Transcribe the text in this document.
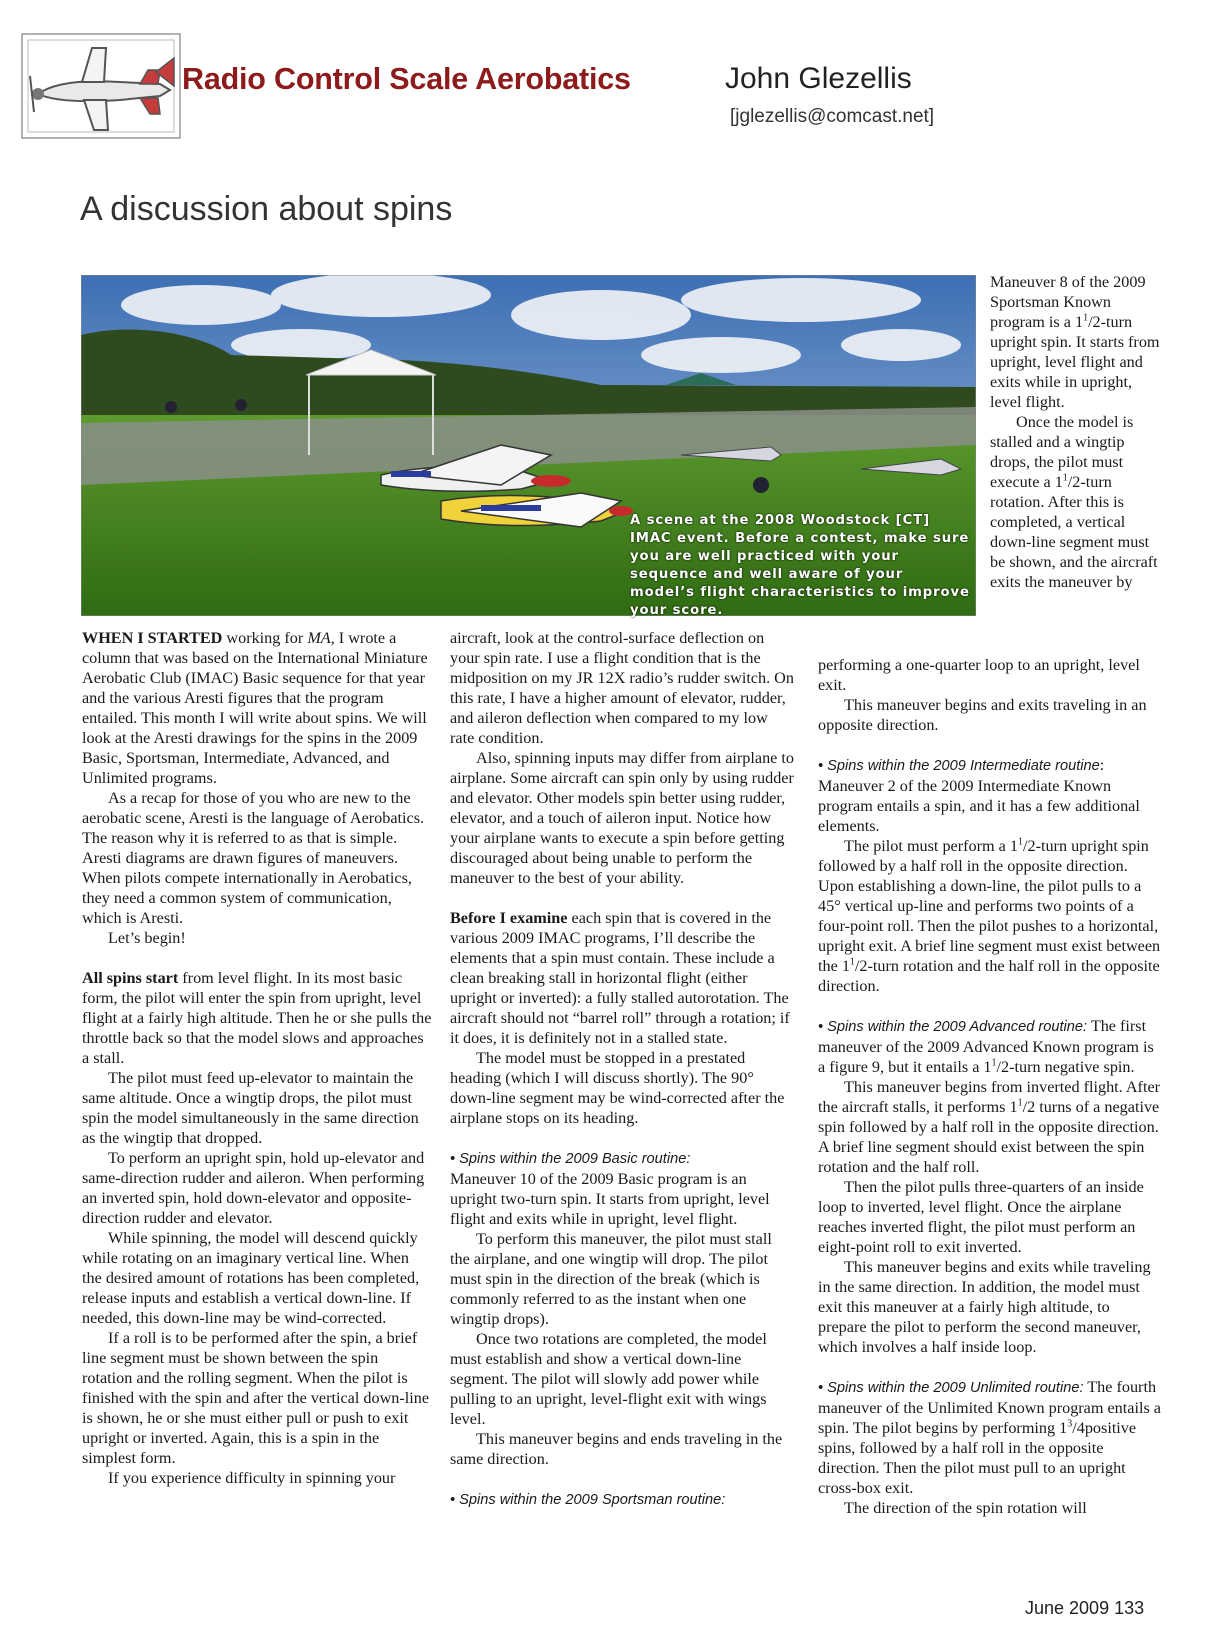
Radio Control Scale Aerobatics	John Glezellis
[jglezellis@comcast.net]
A discussion about spins
A scene at the 2008 Woodstock [CT] IMAC event. Before a contest, make sure you are well practiced with your sequence and well aware of your model’s flight characteristics to improve your score.

Maneuver 8 of the 2009 Sportsman Known program is a $1^1/2$-turn upright spin. It starts from upright, level flight and exits while in upright, level flight.

Once the model is stalled and a wingtip drops, the pilot must execute a $1^1/2$-turn rotation. After this is completed, a vertical down-line segment must be shown, and the aircraft exits the maneuver by

WHEN I STARTED working for MA, I wrote a column that was based on the International Miniature Aerobatic Club (IMAC) Basic sequence for that year and the various Aresti figures that the program entailed. This month I will write about spins. We will look at the Aresti drawings for the spins in the 2009 Basic, Sportsman, Intermediate, Advanced, and Unlimited programs.

As a recap for those of you who are new to the aerobatic scene, Aresti is the language of Aerobatics. The reason why it is referred to as that is simple. Aresti diagrams are drawn figures of maneuvers. When pilots compete internationally in Aerobatics, they need a common system of communication, which is Aresti.

Let’s begin!

All spins start from level flight. In its most basic form, the pilot will enter the spin from upright, level flight at a fairly high altitude. Then he or she pulls the throttle back so that the model slows and approaches a stall.

The pilot must feed up-elevator to maintain the same altitude. Once a wingtip drops, the pilot must spin the model simultaneously in the same direction as the wingtip that dropped.

To perform an upright spin, hold up-elevator and same-direction rudder and aileron. When performing an inverted spin, hold down-elevator and opposite-direction rudder and elevator.

While spinning, the model will descend quickly while rotating on an imaginary vertical line. When the desired amount of rotations has been completed, release inputs and establish a vertical down-line. If needed, this down-line may be wind-corrected.

If a roll is to be performed after the spin, a brief line segment must be shown between the spin rotation and the rolling segment. When the pilot is finished with the spin and after the vertical down-line is shown, he or she must either pull or push to exit upright or inverted. Again, this is a spin in the simplest form.

If you experience difficulty in spinning your

aircraft, look at the control-surface deflection on your spin rate. I use a flight condition that is the midposition on my JR 12X radio’s rudder switch. On this rate, I have a higher amount of elevator, rudder, and aileron deflection when compared to my low rate condition.

Also, spinning inputs may differ from airplane to airplane. Some aircraft can spin only by using rudder and elevator. Other models spin better using rudder, elevator, and a touch of aileron input. Notice how your airplane wants to execute a spin before getting discouraged about being unable to perform the maneuver to the best of your ability.

Before I examine each spin that is covered in the various 2009 IMAC programs, I’ll describe the elements that a spin must contain. These include a clean breaking stall in horizontal flight (either upright or inverted): a fully stalled autorotation. The aircraft should not “barrel roll” through a rotation; if it does, it is definitely not in a stalled state.

The model must be stopped in a prestated heading (which I will discuss shortly). The 90° down-line segment may be wind-corrected after the airplane stops on its heading.

• Spins within the 2009 Basic routine:
Maneuver 10 of the 2009 Basic program is an upright two-turn spin. It starts from upright, level flight and exits while in upright, level flight.

To perform this maneuver, the pilot must stall the airplane, and one wingtip will drop. The pilot must spin in the direction of the break (which is commonly referred to as the instant when one wingtip drops).

Once two rotations are completed, the model must establish and show a vertical down-line segment. The pilot will slowly add power while pulling to an upright, level-flight exit with wings level.

This maneuver begins and ends traveling in the same direction.

• Spins within the 2009 Sportsman routine:

performing a one-quarter loop to an upright, level exit.

This maneuver begins and exits traveling in an opposite direction.

• Spins within the 2009 Intermediate routine: Maneuver 2 of the 2009 Intermediate Known program entails a spin, and it has a few additional elements.

The pilot must perform a $1^1/2$-turn upright spin followed by a half roll in the opposite direction. Upon establishing a down-line, the pilot pulls to a 45° vertical up-line and performs two points of a four-point roll. Then the pilot pushes to a horizontal, upright exit. A brief line segment must exist between the $1^1/2$-turn rotation and the half roll in the opposite direction.

• Spins within the 2009 Advanced routine: The first maneuver of the 2009 Advanced Known program is a figure 9, but it entails a $1^1/2$-turn negative spin.

This maneuver begins from inverted flight. After the aircraft stalls, it performs $1^1/2$ turns of a negative spin followed by a half roll in the opposite direction. A brief line segment should exist between the spin rotation and the half roll.

Then the pilot pulls three-quarters of an inside loop to inverted, level flight. Once the airplane reaches inverted flight, the pilot must perform an eight-point roll to exit inverted.

This maneuver begins and exits while traveling in the same direction. In addition, the model must exit this maneuver at a fairly high altitude, to prepare the pilot to perform the second maneuver, which involves a half inside loop.

• Spins within the 2009 Unlimited routine: The fourth maneuver of the Unlimited Known program entails a spin. The pilot begins by performing $1^3/4positive$ spins, followed by a half roll in the opposite direction. Then the pilot must pull to an upright cross-box exit.

The direction of the spin rotation will

June 2009 133
